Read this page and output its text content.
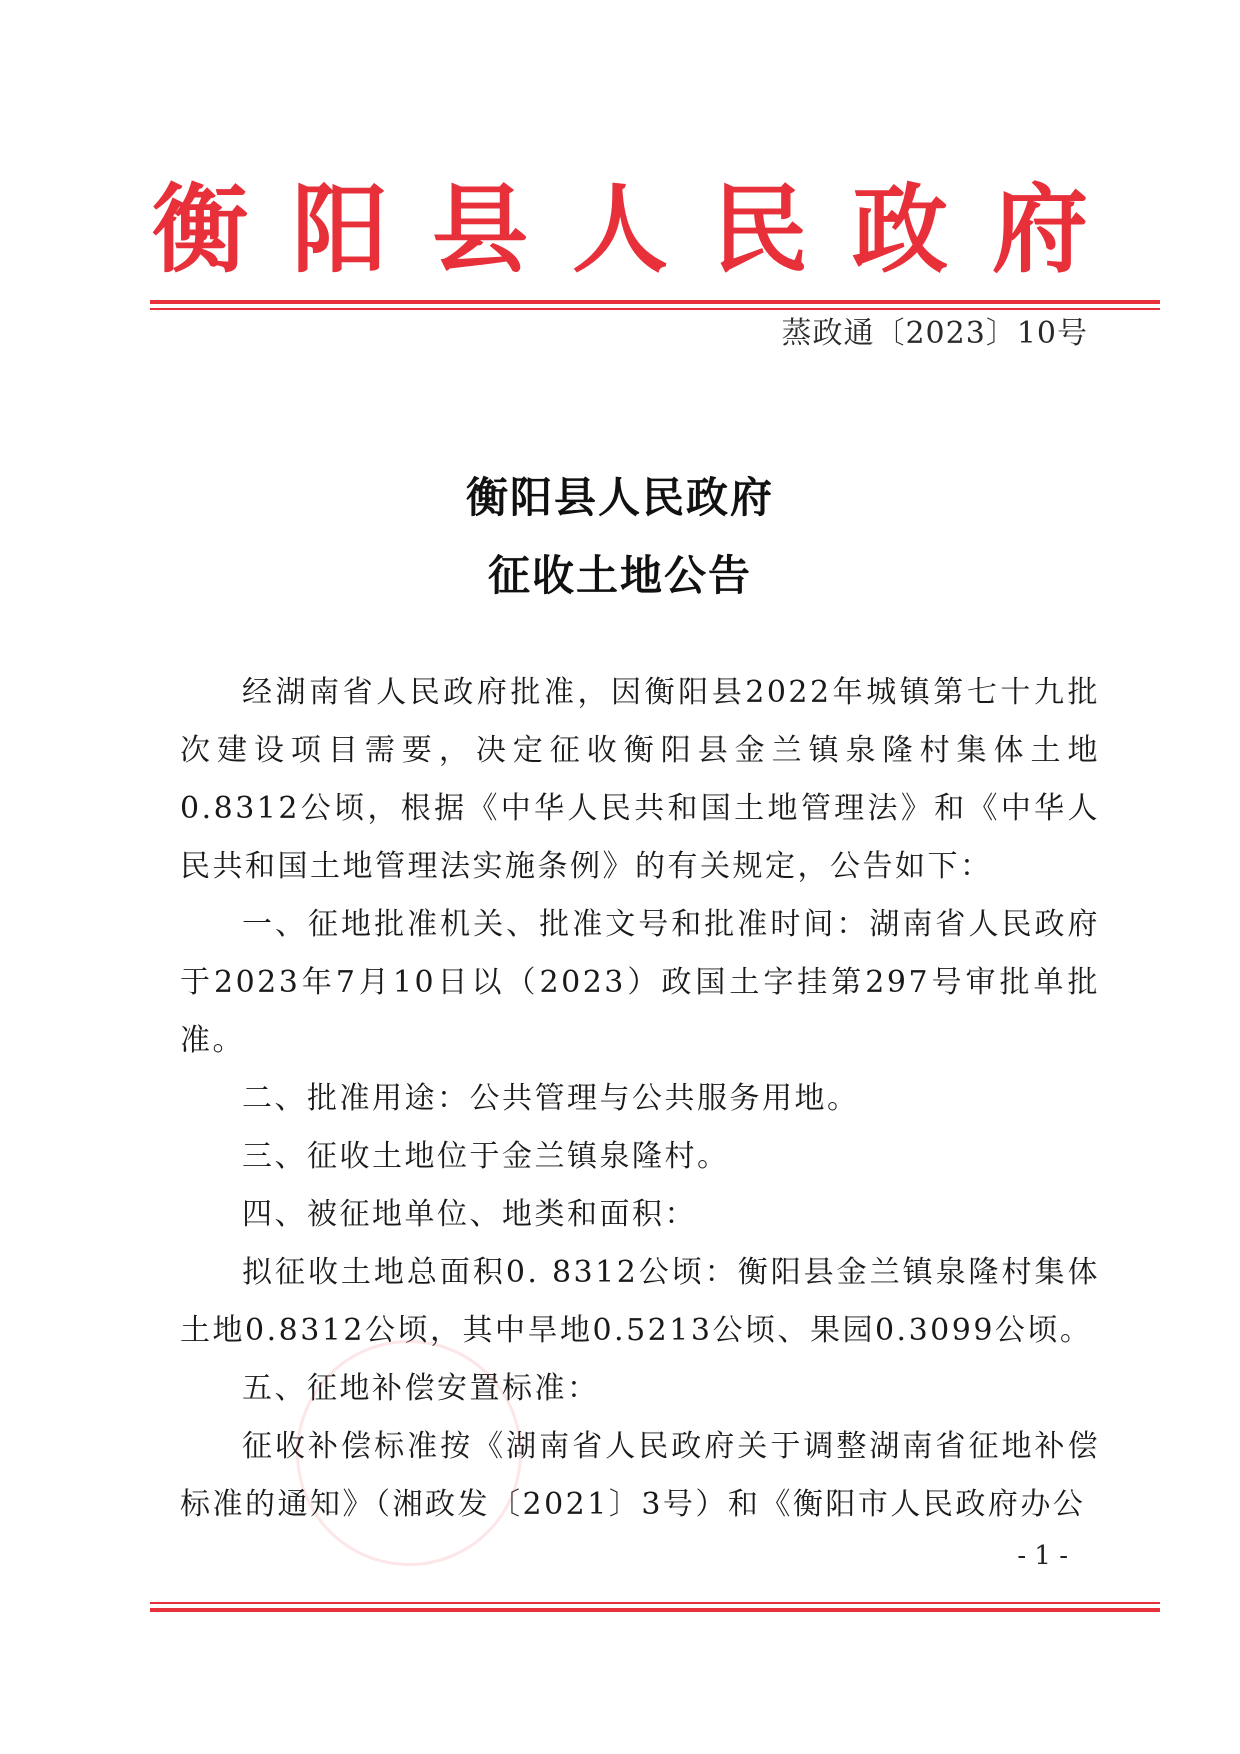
衡阳县人民政府
蒸政通〔2023〕10号
衡阳县人民政府
征收土地公告

经湖南省人民政府批准，因衡阳县2022年城镇第七十九批次建设项目需要，决定征收衡阳县金兰镇泉隆村集体土地0.8312公顷，根据《中华人民共和国土地管理法》和《中华人民共和国土地管理法实施条例》的有关规定，公告如下：

一、征地批准机关、批准文号和批准时间：湖南省人民政府于2023年7月10日以（2023）政国土字挂第297号审批单批准。

二、批准用途：公共管理与公共服务用地。

三、征收土地位于金兰镇泉隆村。

四、被征地单位、地类和面积：

拟征收土地总面积0. 8312公顷：衡阳县金兰镇泉隆村集体土地0.8312公顷，其中旱地0.5213公顷、果园0.3099公顷。

五、征地补偿安置标准：

征收补偿标准按《湖南省人民政府关于调整湖南省征地补偿标准的通知》（湘政发〔2021〕3号）和《衡阳市人民政府办公

- 1 -
